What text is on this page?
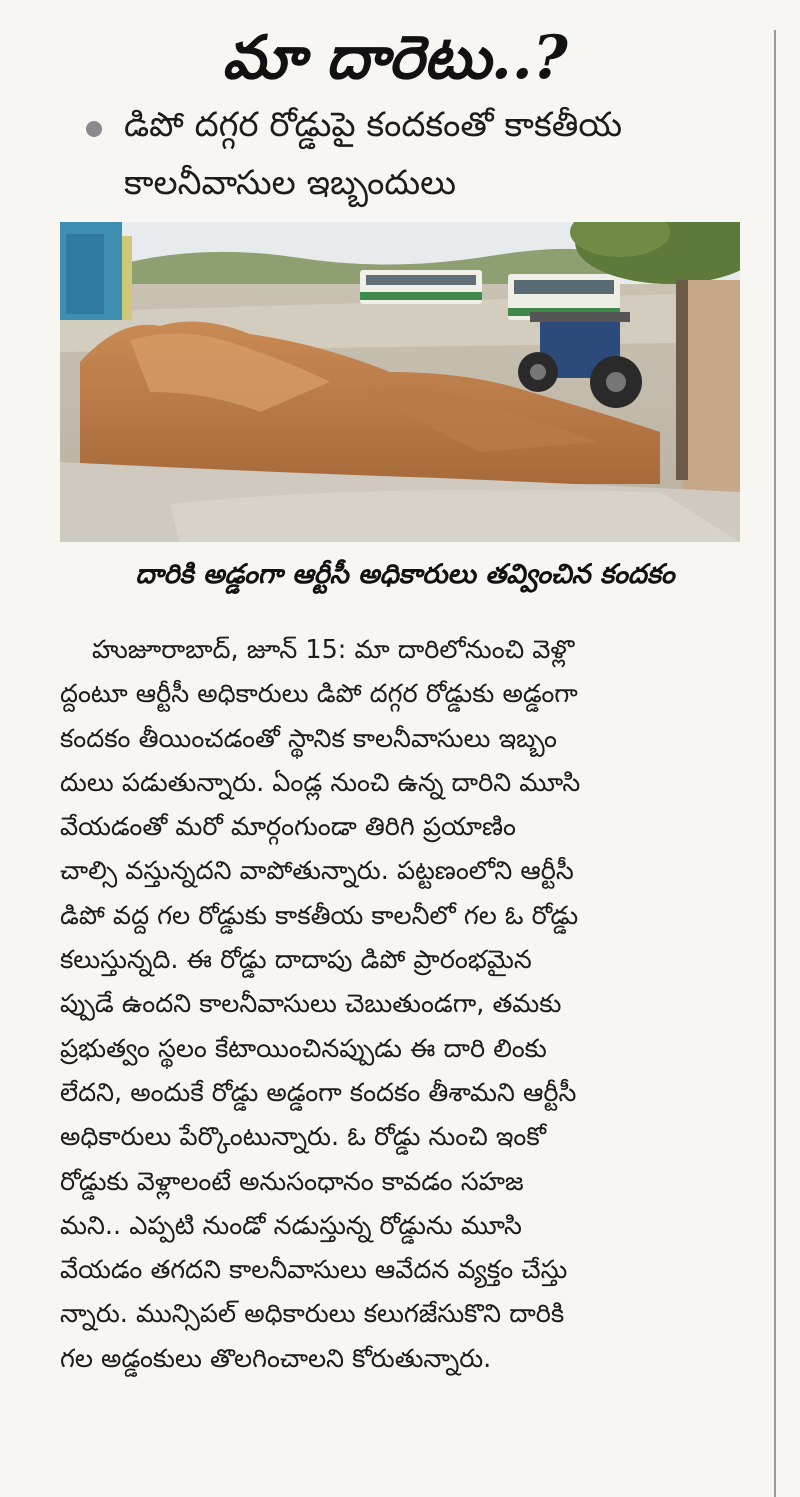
మా దారెటు..?
డిపో దగ్గర రోడ్డుపై కందకంతో కాకతీయ
కాలనీవాసుల ఇబ్బందులు
దారికి అడ్డంగా ఆర్టీసీ అధికారులు తవ్వించిన కందకం
హుజూరాబాద్, జూన్ 15: మా దారిలోనుంచి వెళ్లొ
ద్దంటూ ఆర్టీసీ అధికారులు డిపో దగ్గర రోడ్డుకు అడ్డంగా
కందకం తీయించడంతో స్థానిక కాలనీవాసులు ఇబ్బం
దులు పడుతున్నారు. ఏండ్ల నుంచి ఉన్న దారిని మూసి
వేయడంతో మరో మార్గంగుండా తిరిగి ప్రయాణిం
చాల్సి వస్తున్నదని వాపోతున్నారు. పట్టణంలోని ఆర్టీసీ
డిపో వద్ద గల రోడ్డుకు కాకతీయ కాలనీలో గల ఓ రోడ్డు
కలుస్తున్నది. ఈ రోడ్డు దాదాపు డిపో ప్రారంభమైన
ప్పుడే ఉందని కాలనీవాసులు చెబుతుండగా, తమకు
ప్రభుత్వం స్థలం కేటాయించినప్పుడు ఈ దారి లింకు
లేదని, అందుకే రోడ్డు అడ్డంగా కందకం తీశామని ఆర్టీసీ
అధికారులు పేర్కొంటున్నారు. ఓ రోడ్డు నుంచి ఇంకో
రోడ్డుకు వెళ్లాలంటే అనుసంధానం కావడం సహజ
మని.. ఎప్పటి నుండో నడుస్తున్న రోడ్డును మూసి
వేయడం తగదని కాలనీవాసులు ఆవేదన వ్యక్తం చేస్తు
న్నారు. మున్సిపల్ అధికారులు కలుగజేసుకొని దారికి
గల అడ్డంకులు తొలగించాలని కోరుతున్నారు.
